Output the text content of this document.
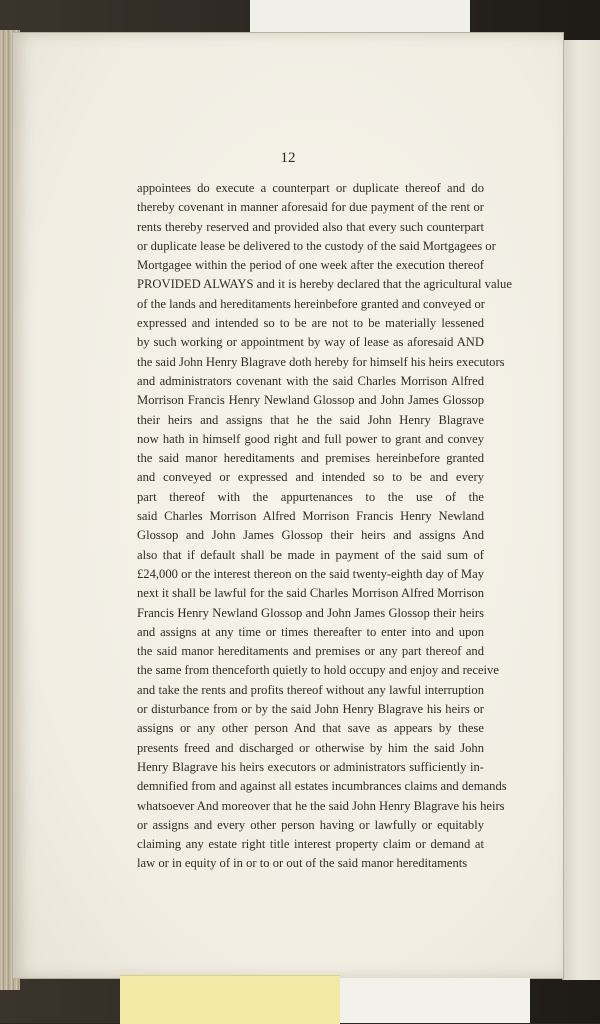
12
appointees do execute a counterpart or duplicate thereof and do
thereby covenant in manner aforesaid for due payment of the rent or
rents thereby reserved and provided also that every such counterpart
or duplicate lease be delivered to the custody of the said Mortgagees or
Mortgagee within the period of one week after the execution thereof
PROVIDED ALWAYS and it is hereby declared that the agricultural value
of the lands and hereditaments hereinbefore granted and conveyed or
expressed and intended so to be are not to be materially lessened
by such working or appointment by way of lease as aforesaid AND
the said John Henry Blagrave doth hereby for himself his heirs executors
and administrators covenant with the said Charles Morrison Alfred
Morrison Francis Henry Newland Glossop and John James Glossop
their heirs and assigns that he the said John Henry Blagrave
now hath in himself good right and full power to grant and convey
the said manor hereditaments and premises hereinbefore granted
and conveyed or expressed and intended so to be and every
part thereof with the appurtenances to the use of the
said Charles Morrison Alfred Morrison Francis Henry Newland
Glossop and John James Glossop their heirs and assigns And
also that if default shall be made in payment of the said sum of
£24,000 or the interest thereon on the said twenty-eighth day of May
next it shall be lawful for the said Charles Morrison Alfred Morrison
Francis Henry Newland Glossop and John James Glossop their heirs
and assigns at any time or times thereafter to enter into and upon
the said manor hereditaments and premises or any part thereof and
the same from thenceforth quietly to hold occupy and enjoy and receive
and take the rents and profits thereof without any lawful interruption
or disturbance from or by the said John Henry Blagrave his heirs or
assigns or any other person And that save as appears by these
presents freed and discharged or otherwise by him the said John
Henry Blagrave his heirs executors or administrators sufficiently in-
demnified from and against all estates incumbrances claims and demands
whatsoever And moreover that he the said John Henry Blagrave his heirs
or assigns and every other person having or lawfully or equitably
claiming any estate right title interest property claim or demand at
law or in equity of in or to or out of the said manor hereditaments
